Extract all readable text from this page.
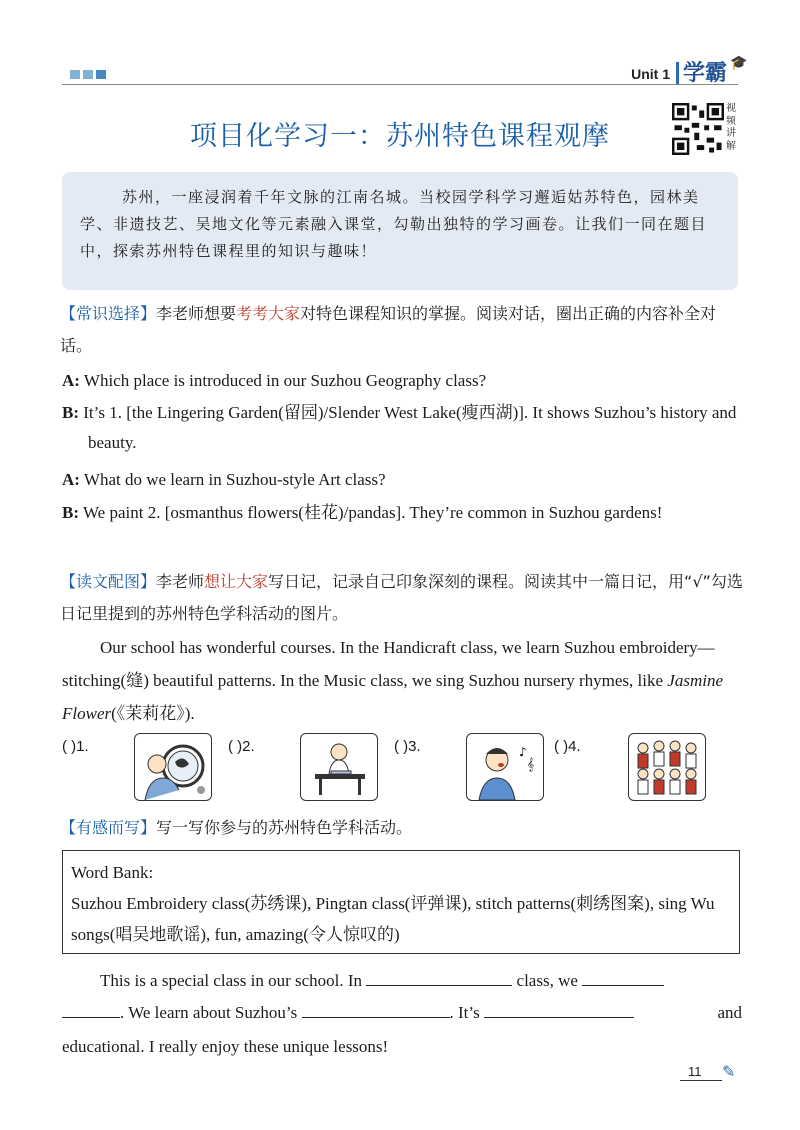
Unit 1 学霸 🎓
项目化学习一：苏州特色课程观摩
视频讲解
苏州，一座浸润着千年文脉的江南名城。当校园学科学习邂逅姑苏特色，园林美学、非遗技艺、吴地文化等元素融入课堂，勾勒出独特的学习画卷。让我们一同在题目中，探索苏州特色课程里的知识与趣味！
【常识选择】李老师想要考考大家对特色课程知识的掌握。阅读对话，圈出正确的内容补全对话。
A: Which place is introduced in our Suzhou Geography class?
B: It’s 1. [the Lingering Garden(留园)/Slender West Lake(瘦西湖)]. It shows Suzhou’s history and beauty.
A: What do we learn in Suzhou-style Art class?
B: We paint 2. [osmanthus flowers(桂花)/pandas]. They’re common in Suzhou gardens!
【读文配图】李老师想让大家写日记，记录自己印象深刻的课程。阅读其中一篇日记，用“√”勾选日记里提到的苏州特色学科活动的图片。
Our school has wonderful courses. In the Handicraft class, we learn Suzhou embroidery—stitching(缝) beautiful patterns. In the Music class, we sing Suzhou nursery rhymes, like Jasmine Flower(《茉莉花》).
( )1.	( )2.	( )3.	♪
𝄞
( )4.
【有感而写】写一写你参与的苏州特色学科活动。
Word Bank:
Suzhou Embroidery class(苏绣课), Pingtan class(评弹课), stitch patterns(刺绣图案), sing Wu songs(唱吴地歌谣), fun, amazing(令人惊叹的)
This is a special class in our school. In	class, we
. We learn about Suzhou’s	. It’s	and
educational. I really enjoy these unique lessons!
11 ✎
